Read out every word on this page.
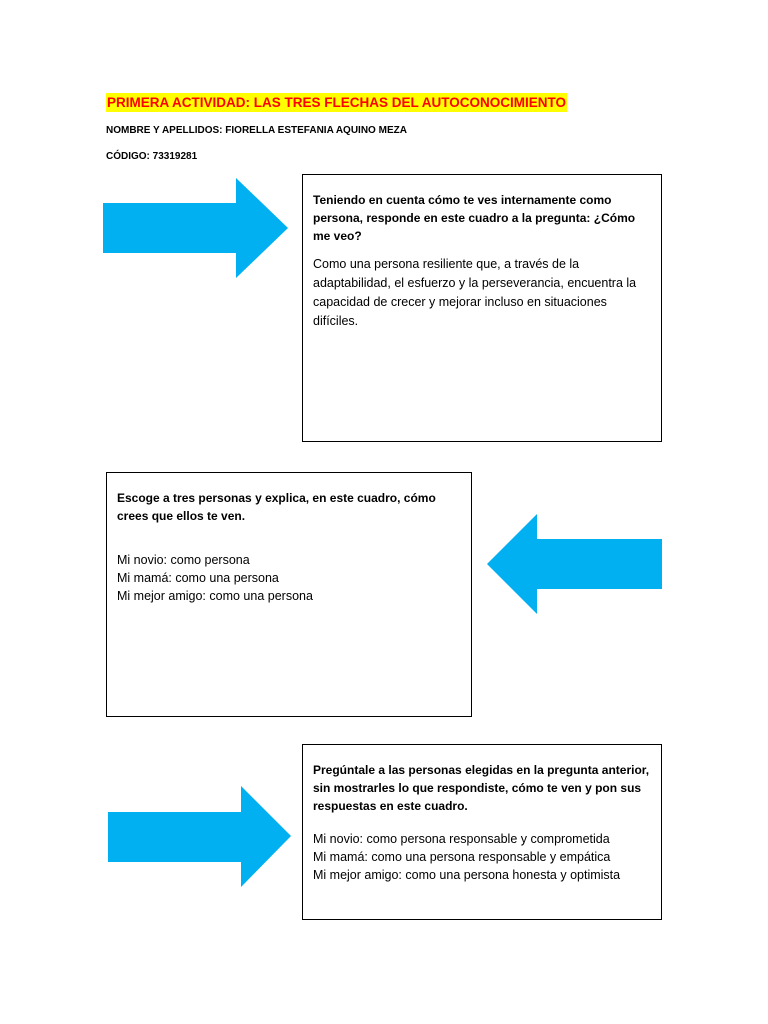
PRIMERA ACTIVIDAD: LAS TRES FLECHAS DEL AUTOCONOCIMIENTO
NOMBRE Y APELLIDOS: FIORELLA ESTEFANIA AQUINO MEZA
CÓDIGO: 73319281

Teniendo en cuenta cómo te ves internamente como persona, responde en este cuadro a la pregunta: ¿Cómo me veo?

Como una persona resiliente que, a través de la adaptabilidad, el esfuerzo y la perseverancia, encuentra la capacidad de crecer y mejorar incluso en situaciones difíciles.

Escoge a tres personas y explica, en este cuadro, cómo crees que ellos te ven.

Mi novio: como persona

Mi mamá: como una persona

Mi mejor amigo: como una persona

Pregúntale a las personas elegidas en la pregunta anterior, sin mostrarles lo que respondiste, cómo te ven y pon sus respuestas en este cuadro.

Mi novio: como persona responsable y comprometida

Mi mamá: como una persona responsable y empática

Mi mejor amigo: como una persona honesta y optimista
